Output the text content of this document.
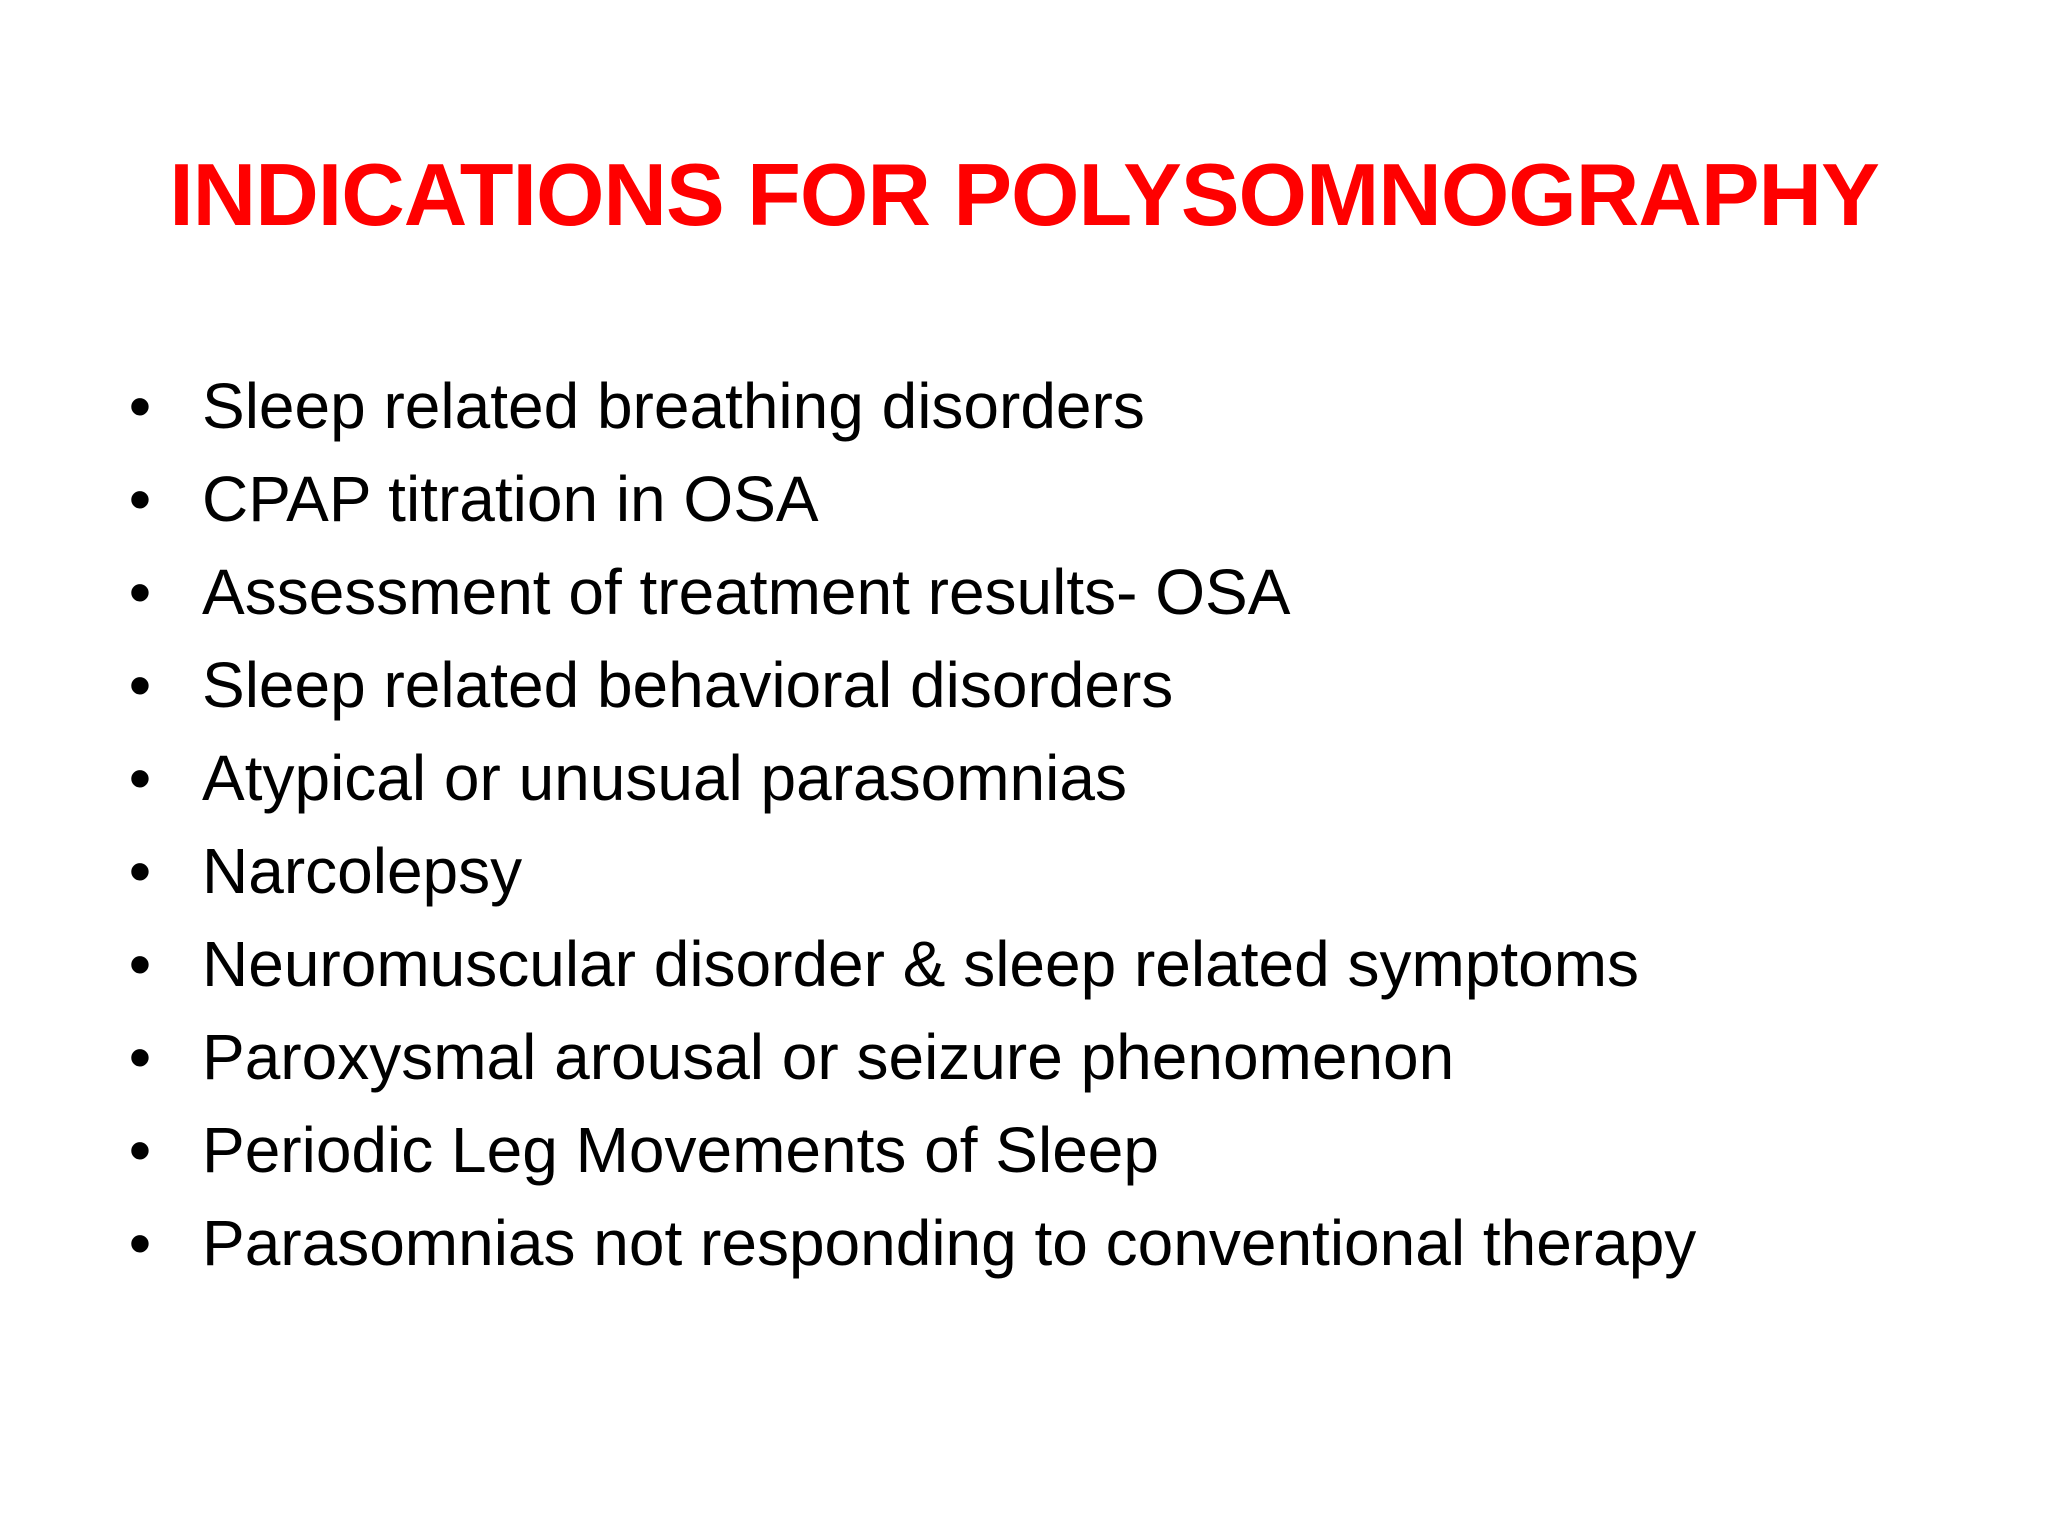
INDICATIONS FOR POLYSOMNOGRAPHY
• Sleep related breathing disorders
• CPAP titration in OSA
• Assessment of treatment results- OSA
• Sleep related behavioral disorders
• Atypical or unusual parasomnias
• Narcolepsy
• Neuromuscular disorder & sleep related symptoms
• Paroxysmal arousal or seizure phenomenon
• Periodic Leg Movements of Sleep
• Parasomnias not responding to conventional therapy
